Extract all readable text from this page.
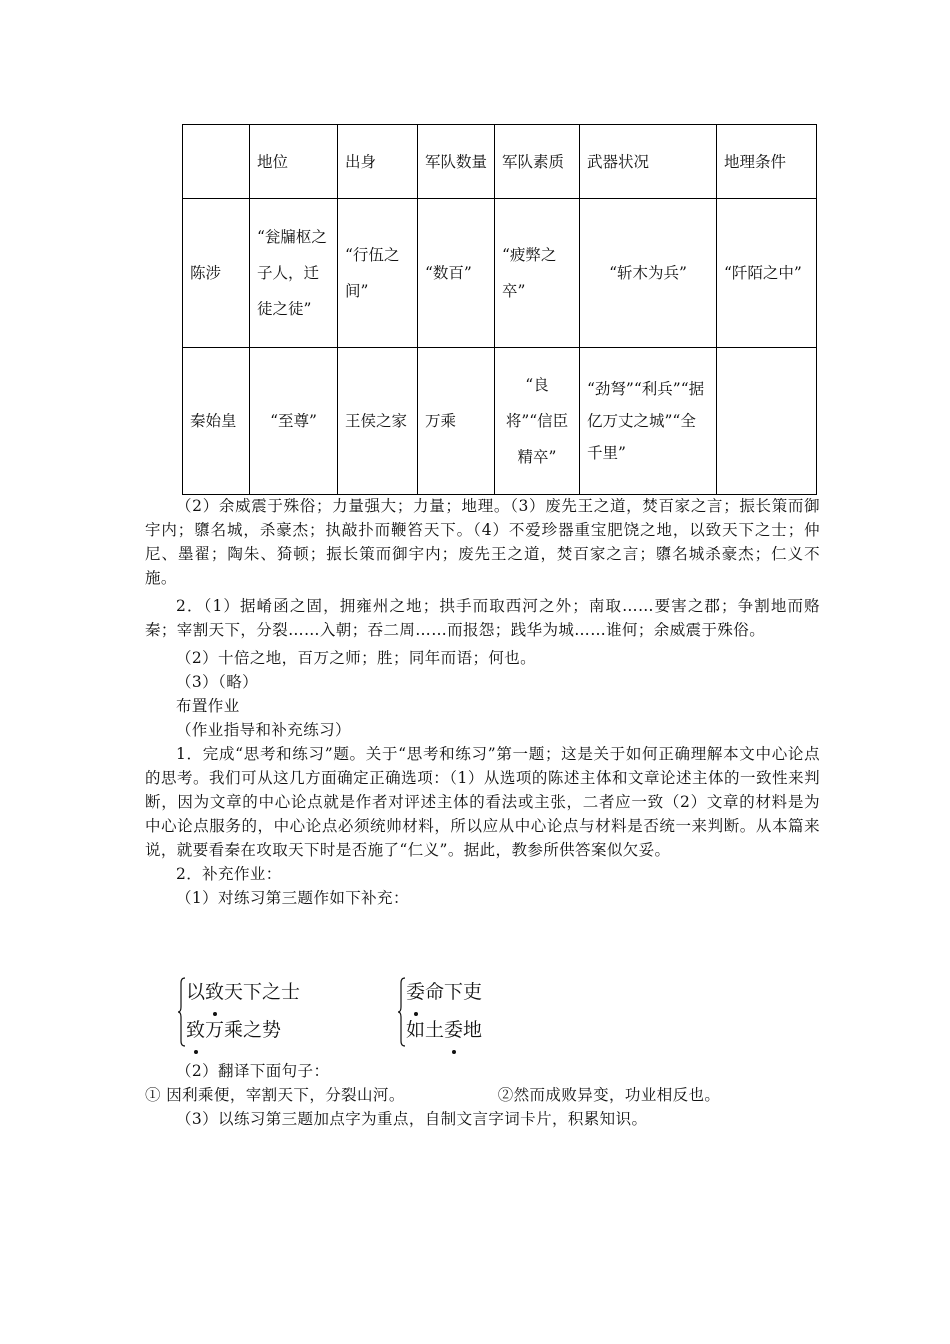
	地位	出身	军队数量	军队素质	武器状况	地理条件
陈涉	“瓮牖枢之子人，迁徒之徒”	“行伍之间”	“数百”	“疲弊之卒”	“斩木为兵”	“阡陌之中”
秦始皇	“至尊”	王侯之家	万乘	“良将”“信臣精卒”	“劲弩”“利兵”“据亿万丈之城”“全千里”	

（2）余威震于殊俗；力量强大；力量；地理。（3）废先王之道，焚百家之言；振长策而御宇内；隳名城，杀豪杰；执敲扑而鞭笞天下。（4）不爱珍器重宝肥饶之地，以致天下之士；仲尼、墨翟；陶朱、猗顿；振长策而御宇内；废先王之道，焚百家之言；隳名城杀豪杰；仁义不施。

2．（1）据崤函之固，拥雍州之地；拱手而取西河之外；南取……要害之郡；争割地而赂秦；宰割天下，分裂……入朝；吞二周……而报怨；践华为城……谁何；余威震于殊俗。

（2）十倍之地，百万之师；胜；同年而语；何也。

（3）（略）

布置作业

（作业指导和补充练习）

1．完成“思考和练习”题。关于“思考和练习”第一题；这是关于如何正确理解本文中心论点的思考。我们可从这几方面确定正确选项：（1）从选项的陈述主体和文章论述主体的一致性来判断，因为文章的中心论点就是作者对评述主体的看法或主张，二者应一致（2）文章的材料是为中心论点服务的，中心论点必须统帅材料，所以应从中心论点与材料是否统一来判断。从本篇来说，就要看秦在攻取天下时是否施了“仁义”。据此，教参所供答案似欠妥。

2．补充作业：

（1）对练习第三题作如下补充：

以致天下之士
致万乘之势
委命下吏
如土委地

（2）翻译下面句子：

① 因利乘便，宰割天下，分裂山河。	②然而成败异变，功业相反也。

（3）以练习第三题加点字为重点，自制文言字词卡片，积累知识。
